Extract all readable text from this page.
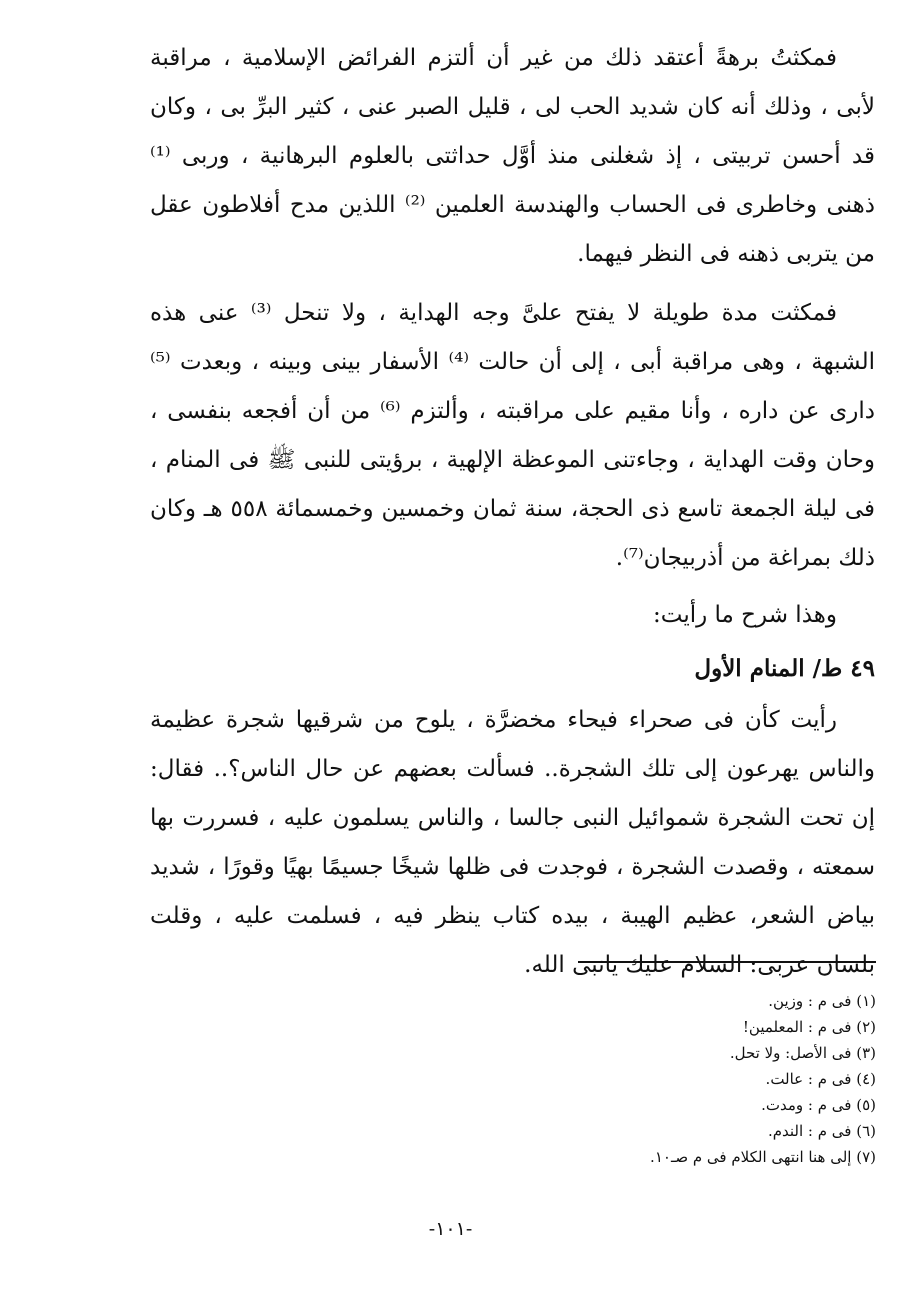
فمكثتُ برهةً أعتقد ذلك من غير أن ألتزم الفرائض الإسلامية ، مراقبة لأبى ، وذلك أنه كان شديد الحب لى ، قليل الصبر عنى ، كثير البرِّ بى ، وكان قد أحسن تربيتى ، إذ شغلنى منذ أوَّل حداثتى بالعلوم البرهانية ، وربى ⁽¹⁾ ذهنى وخاطرى فى الحساب والهندسة العلمين ⁽²⁾ اللذين مدح أفلاطون عقل من يتربى ذهنه فى النظر فيهما.

فمكثت مدة طويلة لا يفتح علىَّ وجه الهداية ، ولا تنحل ⁽³⁾ عنى هذه الشبهة ، وهى مراقبة أبى ، إلى أن حالت ⁽⁴⁾ الأسفار بينى وبينه ، وبعدت ⁽⁵⁾ دارى عن داره ، وأنا مقيم على مراقبته ، وألتزم ⁽⁶⁾ من أن أفجعه بنفسى ، وحان وقت الهداية ، وجاءتنى الموعظة الإلهية ، برؤيتى للنبى ﷺ فى المنام ، فى ليلة الجمعة تاسع ذى الحجة، سنة ثمان وخمسين وخمسمائة ٥٥٨ هـ وكان ذلك بمراغة من أذربيجان⁽⁷⁾.

وهذا شرح ما رأيت:

٤٩ ط/ المنام الأول

رأيت كأن فى صحراء فيحاء مخضرَّة ، يلوح من شرقيها شجرة عظيمة والناس يهرعون إلى تلك الشجرة.. فسألت بعضهم عن حال الناس؟.. فقال: إن تحت الشجرة شموائيل النبى جالسا ، والناس يسلمون عليه ، فسررت بها سمعته ، وقصدت الشجرة ، فوجدت فى ظلها شيخًا جسيمًا بهيًا وقورًا ، شديد بياض الشعر، عظيم الهيبة ، بيده كتاب ينظر فيه ، فسلمت عليه ، وقلت بلسان عربى: السلام عليك يانبى الله.

(١) فى م : وزين.
(٢) فى م : المعلمين!
(٣) فى الأصل: ولا تحل.
(٤) فى م : عالت.
(٥) فى م : ومدت.
(٦) فى م : الندم.
(٧) إلى هنا انتهى الكلام فى م صـ١٠.
-١٠١-
